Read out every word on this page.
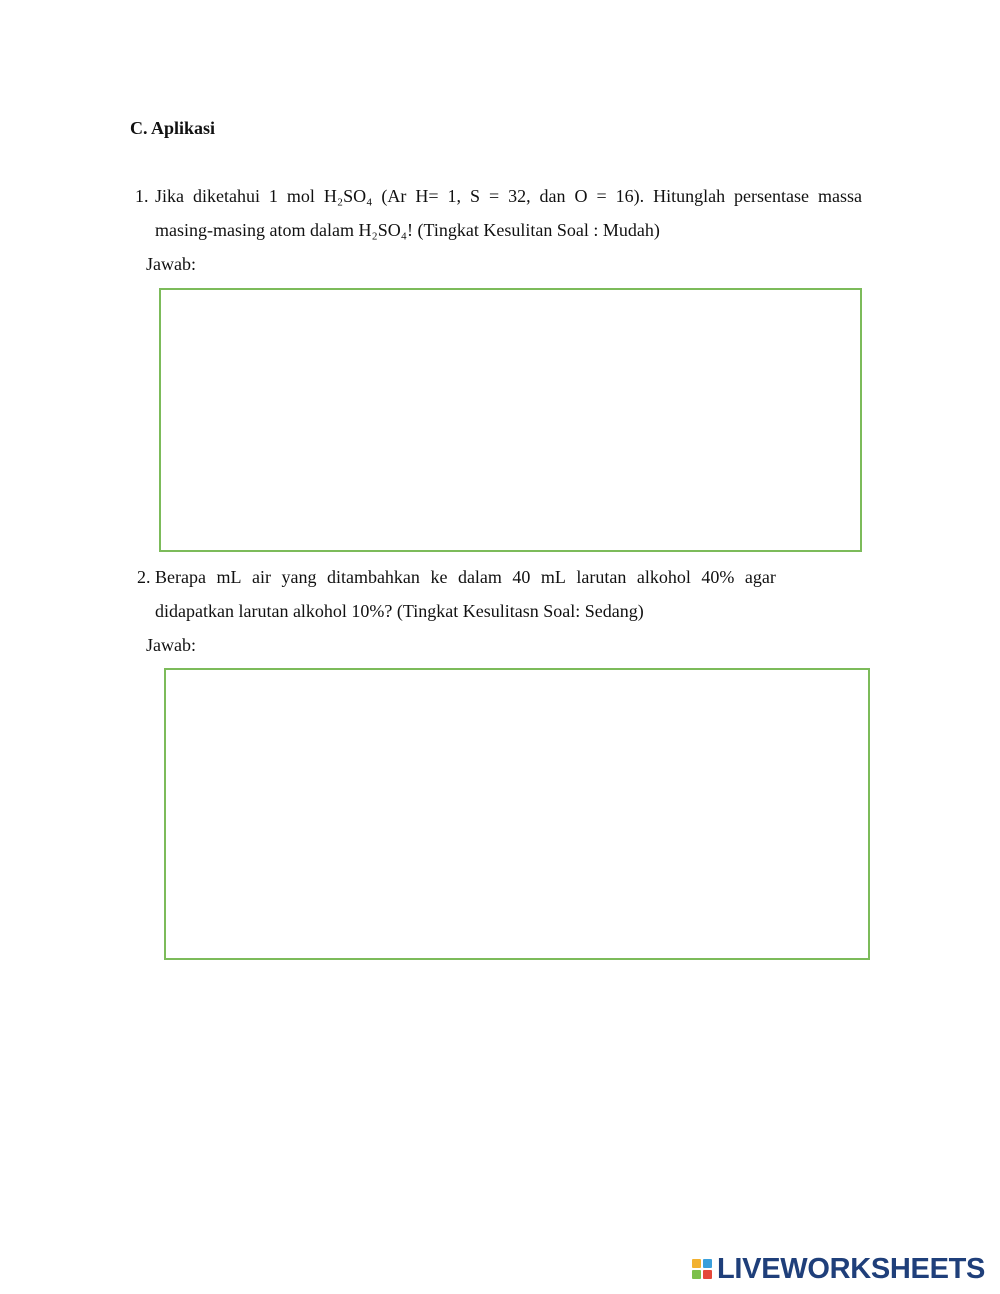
C. Aplikasi
1. Jika diketahui 1 mol H₂SO₄ (Ar H= 1, S = 32, dan O = 16). Hitunglah persentase massa
masing-masing atom dalam H₂SO₄! (Tingkat Kesulitan Soal : Mudah)
Jawab:
2. Berapa mL air yang ditambahkan ke dalam 40 mL larutan alkohol 40% agar
didapatkan larutan alkohol 10%? (Tingkat Kesulitasn Soal: Sedang)
Jawab:
LIVEWORKSHEETS
